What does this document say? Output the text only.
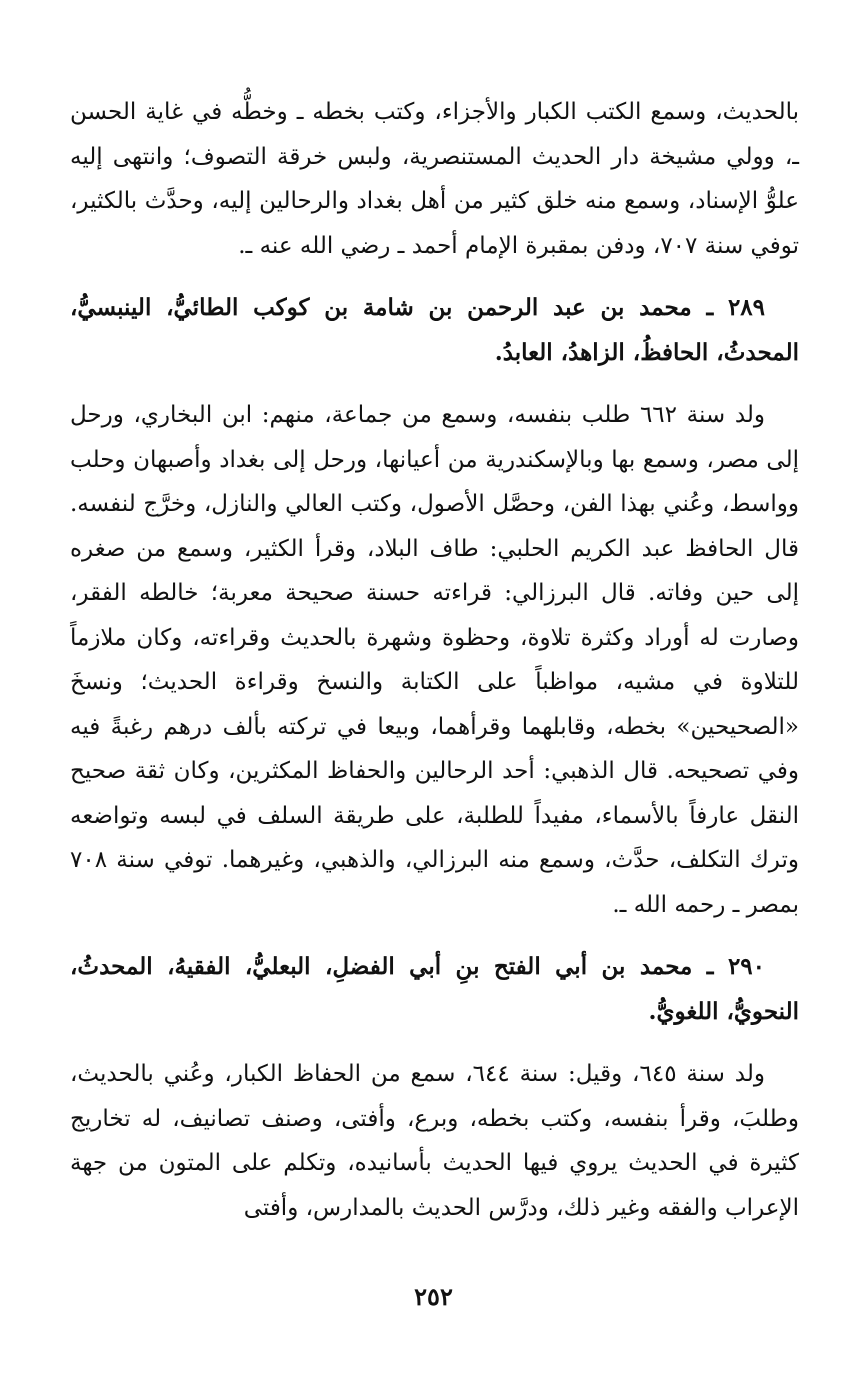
بالحديث، وسمع الكتب الكبار والأجزاء، وكتب بخطه ـ وخطُّه في غاية الحسن ـ، وولي مشيخة دار الحديث المستنصرية، ولبس خرقة التصوف؛ وانتهى إليه علوُّ الإسناد، وسمع منه خلق كثير من أهل بغداد والرحالين إليه، وحدَّث بالكثير، توفي سنة ٧٠٧، ودفن بمقبرة الإمام أحمد ـ رضي الله عنه ـ.

٢٨٩ ـ محمد بن عبد الرحمن بن شامة بن كوكب الطائيُّ، الينبسيُّ، المحدثُ، الحافظُ، الزاهدُ، العابدُ.

ولد سنة ٦٦٢ طلب بنفسه، وسمع من جماعة، منهم: ابن البخاري، ورحل إلى مصر، وسمع بها وبالإسكندرية من أعيانها، ورحل إلى بغداد وأصبهان وحلب وواسط، وعُني بهذا الفن، وحصَّل الأصول، وكتب العالي والنازل، وخرَّج لنفسه. قال الحافظ عبد الكريم الحلبي: طاف البلاد، وقرأ الكثير، وسمع من صغره إلى حين وفاته. قال البرزالي: قراءته حسنة صحيحة معربة؛ خالطه الفقر، وصارت له أوراد وكثرة تلاوة، وحظوة وشهرة بالحديث وقراءته، وكان ملازماً للتلاوة في مشيه، مواظباً على الكتابة والنسخ وقراءة الحديث؛ ونسخَ «الصحيحين» بخطه، وقابلهما وقرأهما، وبيعا في تركته بألف درهم رغبةً فيه وفي تصحيحه. قال الذهبي: أحد الرحالين والحفاظ المكثرين، وكان ثقة صحيح النقل عارفاً بالأسماء، مفيداً للطلبة، على طريقة السلف في لبسه وتواضعه وترك التكلف، حدَّث، وسمع منه البرزالي، والذهبي، وغيرهما. توفي سنة ٧٠٨ بمصر ـ رحمه الله ـ.

٢٩٠ ـ محمد بن أبي الفتح بنِ أبي الفضلِ، البعليُّ، الفقيهُ، المحدثُ، النحويُّ، اللغويُّ.

ولد سنة ٦٤٥، وقيل: سنة ٦٤٤، سمع من الحفاظ الكبار، وعُني بالحديث، وطلبَ، وقرأ بنفسه، وكتب بخطه، وبرع، وأفتى، وصنف تصانيف، له تخاريج كثيرة في الحديث يروي فيها الحديث بأسانيده، وتكلم على المتون من جهة الإعراب والفقه وغير ذلك، ودرَّس الحديث بالمدارس، وأفتى

٢٥٢
